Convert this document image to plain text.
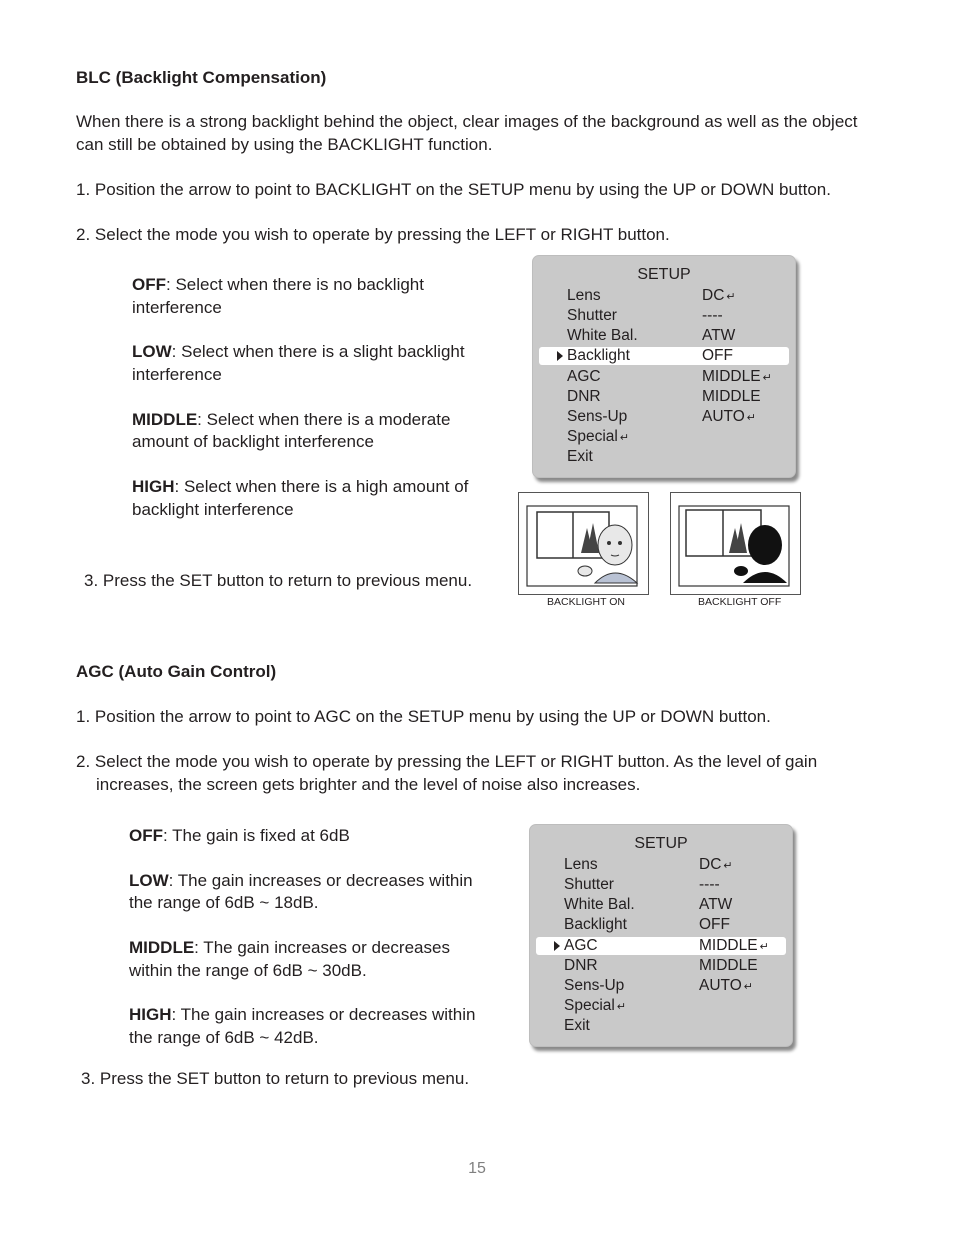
BLC (Backlight Compensation)
When there is a strong backlight behind the object, clear images of the background as well as the object
can still be obtained by using the BACKLIGHT function.
1. Position the arrow to point to BACKLIGHT on the SETUP menu by using the UP or DOWN button.
2. Select the mode you wish to operate by pressing the LEFT or RIGHT button.
OFF: Select when there is no backlight
interference
LOW: Select when there is a slight backlight
interference
MIDDLE: Select when there is a moderate
amount of backlight interference
HIGH: Select when there is a high amount of
backlight interference
3. Press the SET button to return to previous menu.
SETUP
Lens	DC ↵
Shutter	----
White Bal.	ATW
Backlight	OFF
AGC	MIDDLE ↵
DNR	MIDDLE
Sens-Up	AUTO ↵
Special ↵
Exit
BACKLIGHT ON	BACKLIGHT OFF
AGC (Auto Gain Control)
1. Position the arrow to point to AGC on the SETUP menu by using the UP or DOWN button.
2. Select the mode you wish to operate by pressing the LEFT or RIGHT button. As the level of gain
increases, the screen gets brighter and the level of noise also increases.
OFF: The gain is fixed at 6dB
LOW: The gain increases or decreases within
the range of 6dB ~ 18dB.
MIDDLE: The gain increases or decreases
within the range of 6dB ~ 30dB.
HIGH: The gain increases or decreases within
the range of 6dB ~ 42dB.
3. Press the SET button to return to previous menu.
SETUP
Lens	DC ↵
Shutter	----
White Bal.	ATW
Backlight	OFF
AGC	MIDDLE ↵
DNR	MIDDLE
Sens-Up	AUTO ↵
Special ↵
Exit
15
